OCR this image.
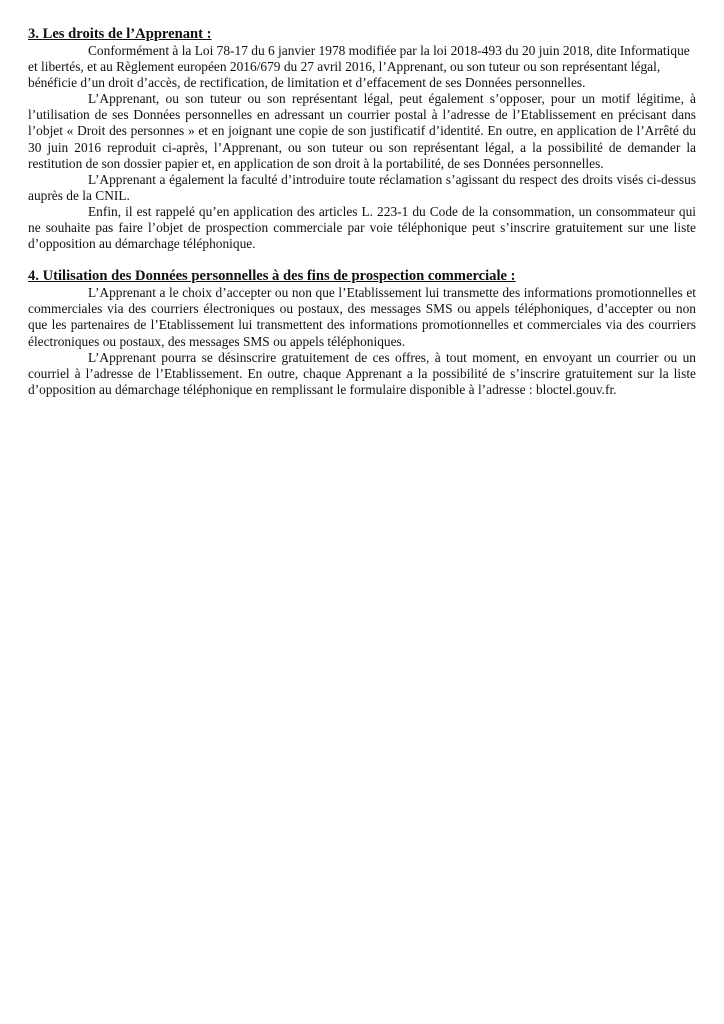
3. Les droits de l’Apprenant :

Conformément à la Loi 78-17 du 6 janvier 1978 modifiée par la loi 2018-493 du 20 juin 2018, dite Informatique et libertés, et au Règlement européen 2016/679 du 27 avril 2016, l’Apprenant, ou son tuteur ou son représentant légal, bénéficie d’un droit d’accès, de rectification, de limitation et d’effacement de ses Données personnelles.

L’Apprenant, ou son tuteur ou son représentant légal, peut également s’opposer, pour un motif légitime, à l’utilisation de ses Données personnelles en adressant un courrier postal à l’adresse de l’Etablissement en précisant dans l’objet « Droit des personnes » et en joignant une copie de son justificatif d’identité. En outre, en application de l’Arrêté du 30 juin 2016 reproduit ci-après, l’Apprenant, ou son tuteur ou son représentant légal, a la possibilité de demander la restitution de son dossier papier et, en application de son droit à la portabilité, de ses Données personnelles.

L’Apprenant a également la faculté d’introduire toute réclamation s’agissant du respect des droits visés ci-dessus auprès de la CNIL.

Enfin, il est rappelé qu’en application des articles L. 223-1 du Code de la consommation, un consommateur qui ne souhaite pas faire l’objet de prospection commerciale par voie téléphonique peut s’inscrire gratuitement sur une liste d’opposition au démarchage téléphonique.

4. Utilisation des Données personnelles à des fins de prospection commerciale :

L’Apprenant a le choix d’accepter ou non que l’Etablissement lui transmette des informations promotionnelles et commerciales via des courriers électroniques ou postaux, des messages SMS ou appels téléphoniques, d’accepter ou non que les partenaires de l’Etablissement lui transmettent des informations promotionnelles et commerciales via des courriers électroniques ou postaux, des messages SMS ou appels téléphoniques.

L’Apprenant pourra se désinscrire gratuitement de ces offres, à tout moment, en envoyant un courrier ou un courriel à l’adresse de l’Etablissement. En outre, chaque Apprenant a la possibilité de s’inscrire gratuitement sur la liste d’opposition au démarchage téléphonique en remplissant le formulaire disponible à l’adresse : bloctel.gouv.fr.
